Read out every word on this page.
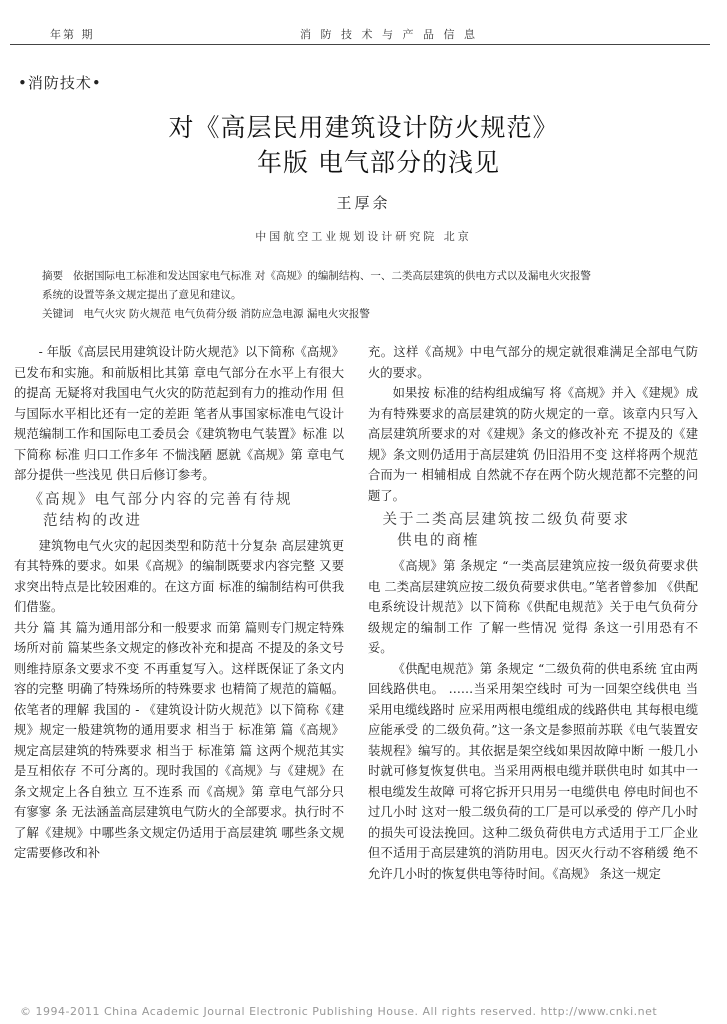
年第 期	消 防 技 术 与 产 品 信 息
•消防技术•
对《高层民用建筑设计防火规范》
年版 电气部分的浅见
王厚余
中国航空工业规划设计研究院 北京
摘要 依据国际电工标准和发达国家电气标准 对《高规》的编制结构、一、二类高层建筑的供电方式以及漏电火灾报警
系统的设置等条文规定提出了意见和建议。
关键词 电气火灾 防火规范 电气负荷分级 消防应急电源 漏电火灾报警

- 年版《高层民用建筑设计防火规范》以下简称《高规》已发布和实施。和前版相比其第 章电气部分在水平上有很大的提高 无疑将对我国电气火灾的防范起到有力的推动作用 但与国际水平相比还有一定的差距 笔者从事国家标准电气设计规范编制工作和国际电工委员会《建筑物电气装置》标准 以下简称 标准 归口工作多年 不惴浅陋 愿就《高规》第 章电气部分提供一些浅见 供日后修订参考。

《高规》电气部分内容的完善有待规
范结构的改进

建筑物电气火灾的起因类型和防范十分复杂 高层建筑更有其特殊的要求。如果《高规》的编制既要求内容完整 又要求突出特点是比较困难的。在这方面 标准的编制结构可供我们借鉴。

共分 篇 其 篇为通用部分和一般要求 而第 篇则专门规定特殊场所对前 篇某些条文规定的修改补充和提高 不提及的条文号则维持原条文要求不变 不再重复写入。这样既保证了条文内容的完整 明确了特殊场所的特殊要求 也精简了规范的篇幅。依笔者的理解 我国的 - 《建筑设计防火规范》以下简称《建规》规定一般建筑物的通用要求 相当于 标准第 篇《高规》规定高层建筑的特殊要求 相当于 标准第 篇 这两个规范其实是互相依存 不可分离的。现时我国的《高规》与《建规》在条文规定上各自独立 互不连系 而《高规》第 章电气部分只有寥寥 条 无法涵盖高层建筑电气防火的全部要求。执行时不了解《建规》中哪些条文规定仍适用于高层建筑 哪些条文规定需要修改和补

充。这样《高规》中电气部分的规定就很难满足全部电气防火的要求。

如果按 标准的结构组成编写 将《高规》并入《建规》成为有特殊要求的高层建筑的防火规定的一章。该章内只写入高层建筑所要求的对《建规》条文的修改补充 不提及的《建规》条文则仍适用于高层建筑 仍旧沿用不变 这样将两个规范合而为一 相辅相成 自然就不存在两个防火规范都不完整的问题了。

关于二类高层建筑按二级负荷要求
供电的商榷

《高规》第 条规定 “一类高层建筑应按一级负荷要求供电 二类高层建筑应按二级负荷要求供电。”笔者曾参加 《供配电系统设计规范》以下简称《供配电规范》关于电气负荷分级规定的编制工作 了解一些情况 觉得 条这一引用恐有不妥。

《供配电规范》第 条规定 “二级负荷的供电系统 宜由两回线路供电。 ……当采用架空线时 可为一回架空线供电 当采用电缆线路时 应采用两根电缆组成的线路供电 其每根电缆应能承受 的二级负荷。”这一条文是参照前苏联《电气装置安装规程》编写的。其依据是架空线如果因故障中断 一般几小时就可修复恢复供电。当采用两根电缆并联供电时 如其中一根电缆发生故障 可将它拆开只用另一电缆供电 停电时间也不过几小时 这对一般二级负荷的工厂是可以承受的 停产几小时的损失可设法挽回。这种二级负荷供电方式适用于工厂企业 但不适用于高层建筑的消防用电。因灭火行动不容稍缓 绝不允许几小时的恢复供电等待时间。《高规》 条这一规定

© 1994-2011 China Academic Journal Electronic Publishing House. All rights reserved. http://www.cnki.net
